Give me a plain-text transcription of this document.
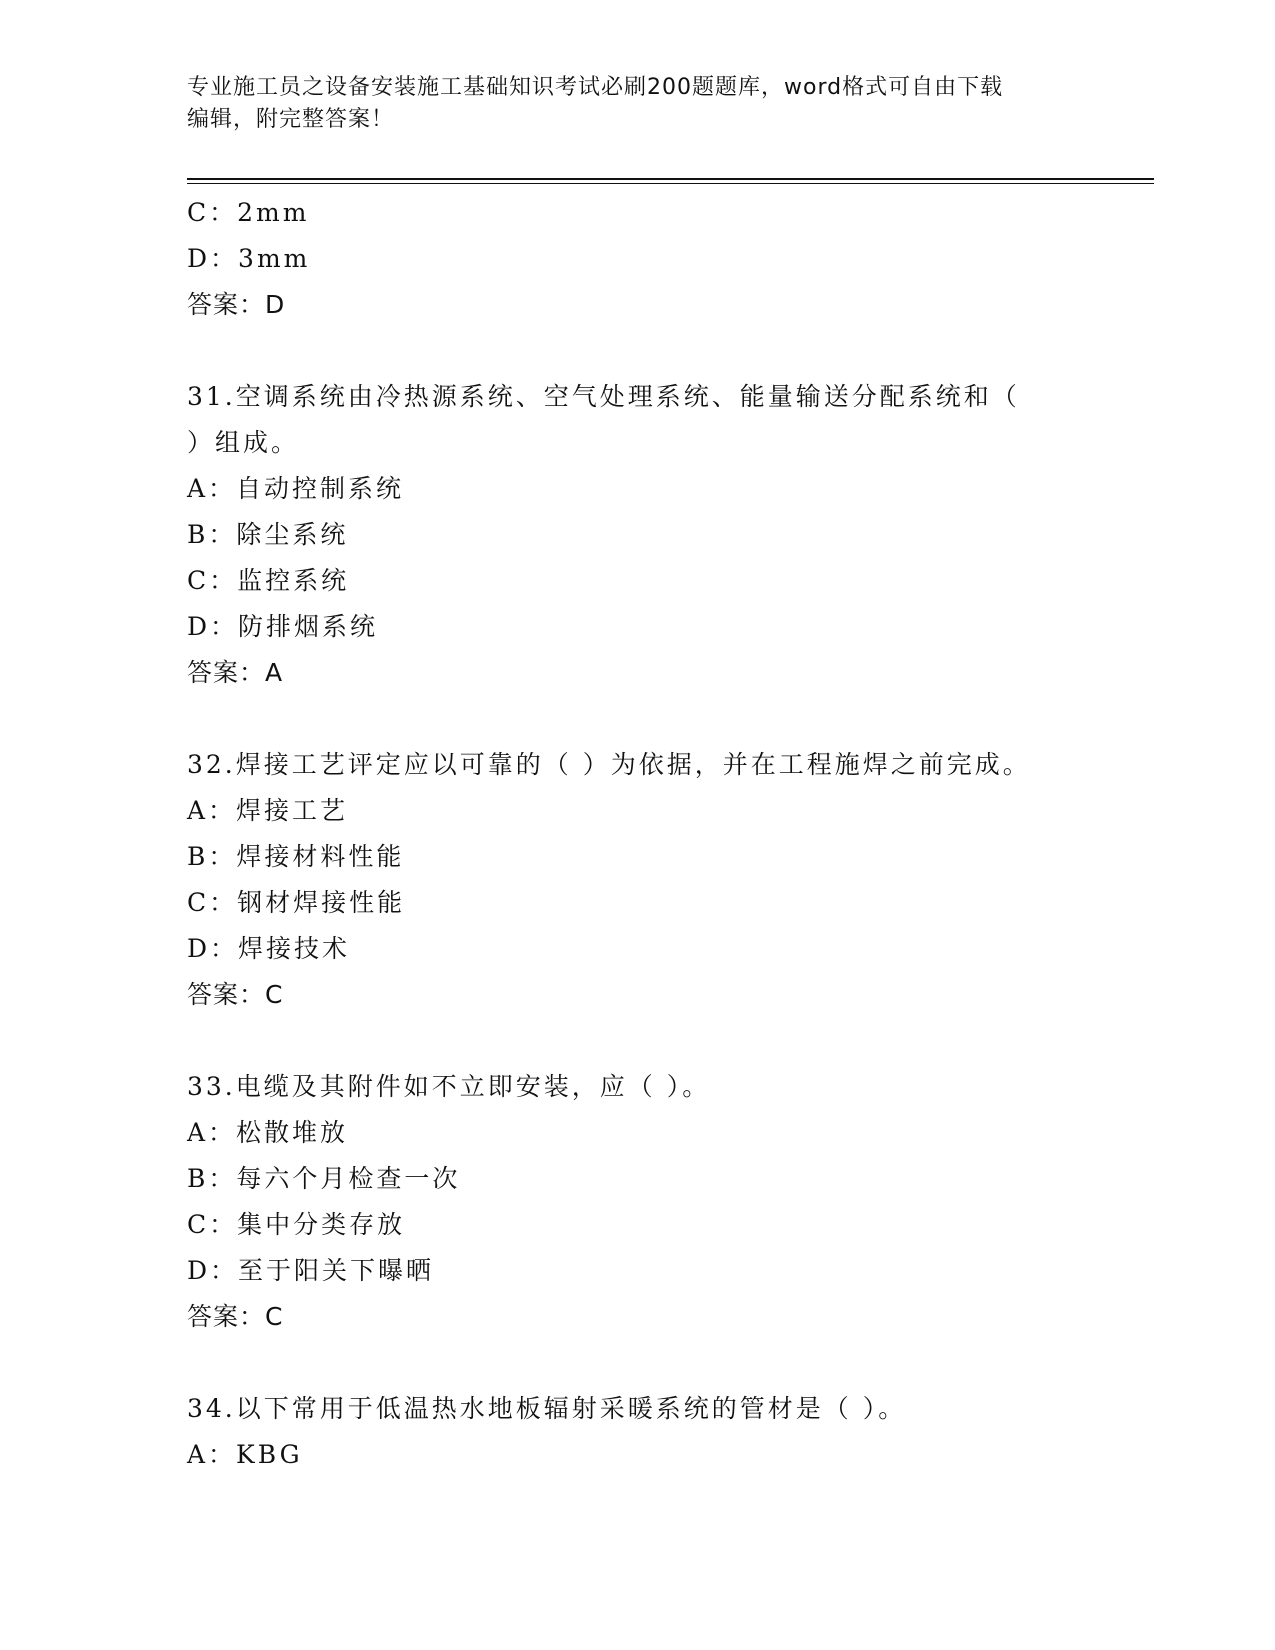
专业施工员之设备安装施工基础知识考试必刷200题题库，word格式可自由下载
编辑，附完整答案！
C：2mm
D：3mm
答案：D
31.空调系统由冷热源系统、空气处理系统、能量输送分配系统和（
）组成。
A：自动控制系统
B：除尘系统
C：监控系统
D：防排烟系统
答案：A
32.焊接工艺评定应以可靠的（ ）为依据，并在工程施焊之前完成。
A：焊接工艺
B：焊接材料性能
C：钢材焊接性能
D：焊接技术
答案：C
33.电缆及其附件如不立即安装，应（ ）。
A：松散堆放
B：每六个月检查一次
C：集中分类存放
D：至于阳关下曝晒
答案：C
34.以下常用于低温热水地板辐射采暖系统的管材是（ ）。
A：KBG
